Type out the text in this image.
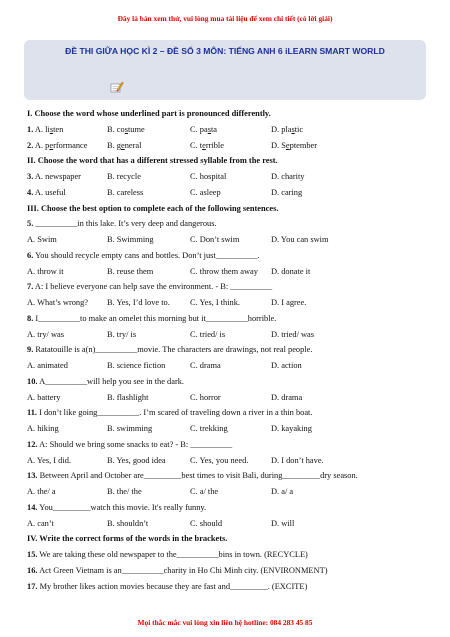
Đây là bản xem thử, vui lòng mua tài liệu để xem chi tiết (có lời giải)
ĐỀ THI GIỮA HỌC KÌ 2 – ĐỀ SỐ 3 MÔN: TIẾNG ANH 6 iLEARN SMART WORLD
I. Choose the word whose underlined part is pronounced differently.
1. A. listen	B. costume	C. pasta	D. plastic
2. A. performance B. general	C. terrible	D. September
II. Choose the word that has a different stressed syllable from the rest.
3. A. newspaper	B. recycle	C. hospital	D. charity
4. A. useful	B. careless	C. asleep	D. caring
III. Choose the best option to complete each of the following sentences.
5. __________in this lake. It’s very deep and dangerous.
A. Swim	B. Swimming	C. Don’t swim	D. You can swim
6. You should recycle empty cans and bottles. Don’t just__________.
A. throw it	B. reuse them	C. throw them away D. donate it
7. A: I believe everyone can help save the environment. - B: __________
A. What’s wrong? B. Yes, I’d love to. C. Yes, I think.	D. I agree.
8. I__________to make an omelet this morning but it__________horrible.
A. try/ was	B. try/ is	C. tried/ is	D. tried/ was
9. Ratatouille is a(n)__________movie. The characters are drawings, not real people.
A. animated	B. science fiction	C. drama	D. action
10. A__________will help you see in the dark.
A. battery	B. flashlight	C. horror	D. drama
11. I don’t like going__________. I’m scared of traveling down a river in a thin boat.
A. hiking	B. swimming	C. trekking	D. kayaking
12. A: Should we bring some snacks to eat? - B: __________
A. Yes, I did.	B. Yes, good idea	C. Yes, you need.	D. I don’t have.
13. Between April and October are_________best times to visit Bali, during_________dry season.
A. the/ a	B. the/ the	C. a/ the	D. a/ a
14. You_________watch this movie. It's really funny.
A. can’t	B. shouldn’t	C. should	D. will
IV. Write the correct forms of the words in the brackets.
15. We are taking these old newspaper to the__________bins in town. (RECYCLE)
16. Act Green Vietnam is an__________charity in Ho Chi Minh city. (ENVIRONMENT)
17. My brother likes action movies because they are fast and_________. (EXCITE)
Mọi thắc mắc vui lòng xin liên hệ hotline: 084 283 45 85
